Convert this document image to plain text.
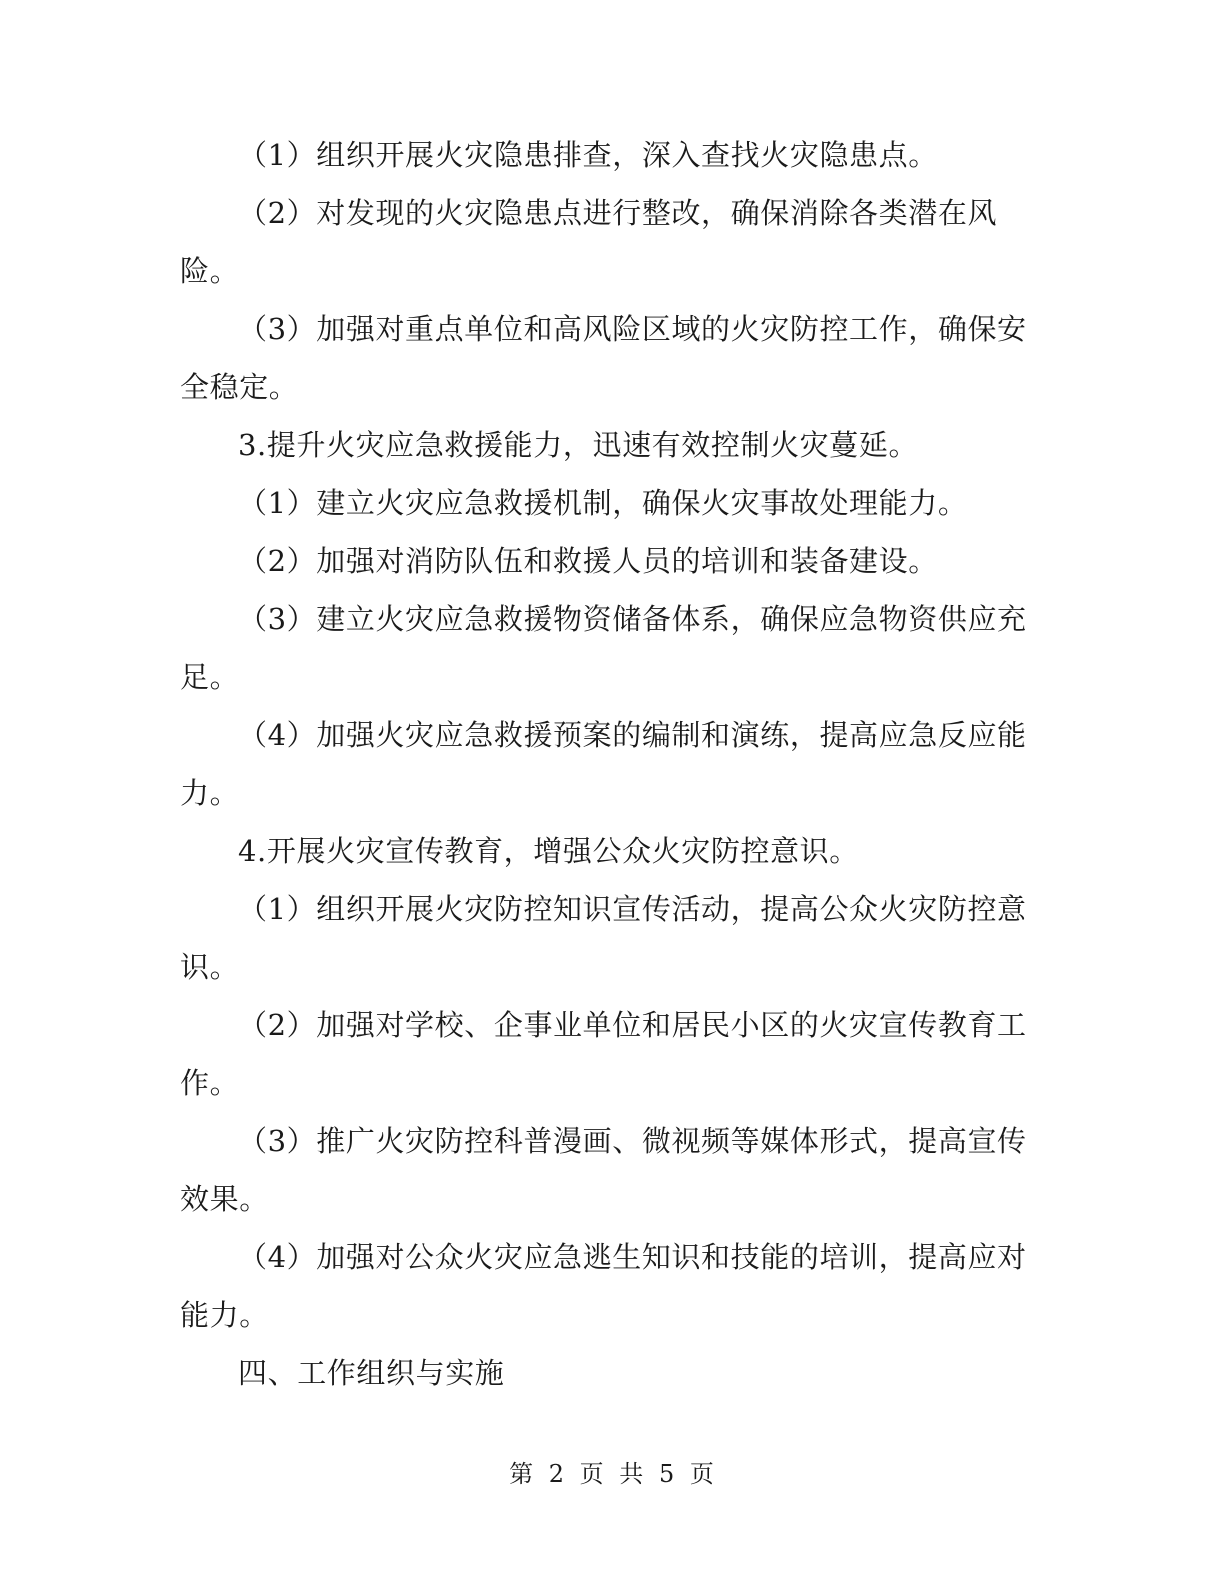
（1）组织开展火灾隐患排查，深入查找火灾隐患点。

（2）对发现的火灾隐患点进行整改，确保消除各类潜在风险。

（3）加强对重点单位和高风险区域的火灾防控工作，确保安全稳定。

3.提升火灾应急救援能力，迅速有效控制火灾蔓延。

（1）建立火灾应急救援机制，确保火灾事故处理能力。

（2）加强对消防队伍和救援人员的培训和装备建设。

（3）建立火灾应急救援物资储备体系，确保应急物资供应充足。

（4）加强火灾应急救援预案的编制和演练，提高应急反应能力。

4.开展火灾宣传教育，增强公众火灾防控意识。

（1）组织开展火灾防控知识宣传活动，提高公众火灾防控意识。

（2）加强对学校、企事业单位和居民小区的火灾宣传教育工作。

（3）推广火灾防控科普漫画、微视频等媒体形式，提高宣传效果。

（4）加强对公众火灾应急逃生知识和技能的培训，提高应对能力。

四、工作组织与实施

第 2 页 共 5 页
